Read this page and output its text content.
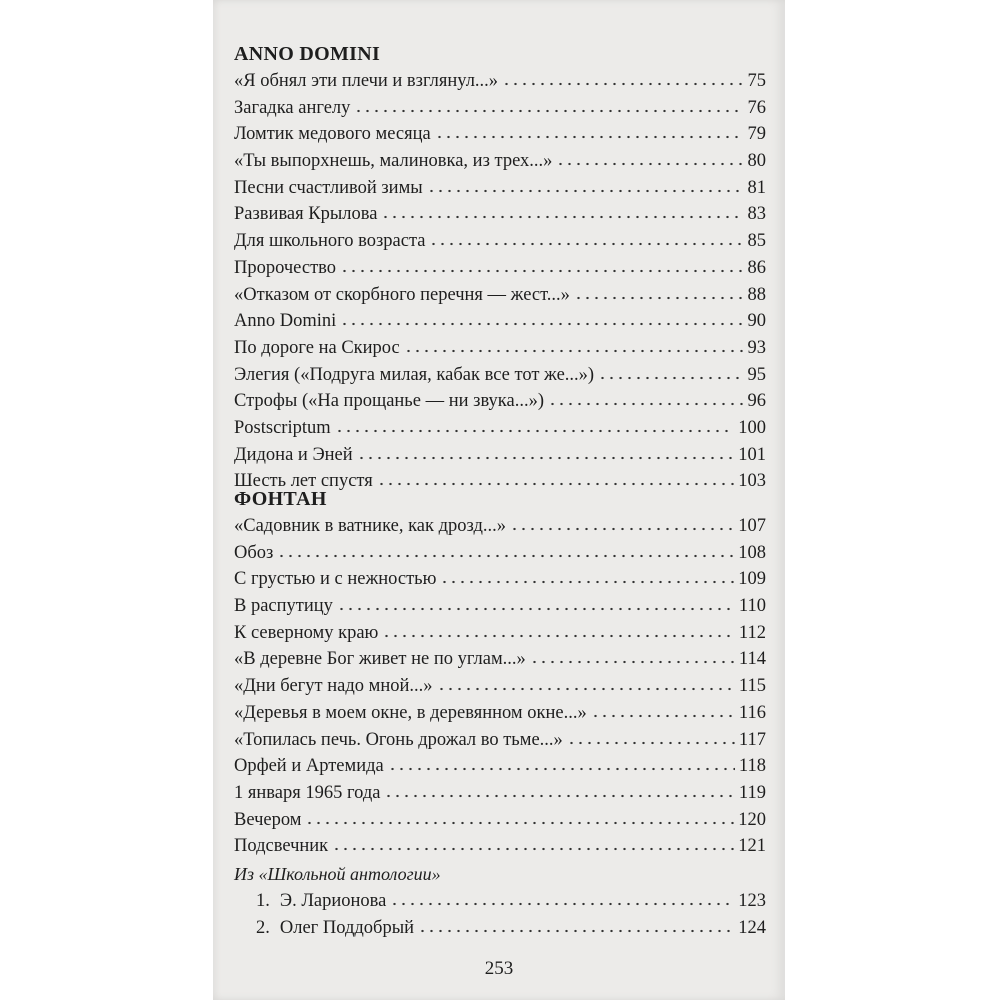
ANNO DOMINI
«Я обнял эти плечи и взглянул...»	75
Загадка ангелу	76
Ломтик медового месяца	79
«Ты выпорхнешь, малиновка, из трех...»	80
Песни счастливой зимы	81
Развивая Крылова	83
Для школьного возраста	85
Пророчество	86
«Отказом от скорбного перечня — жест...»	88
Anno Domini	90
По дороге на Скирос	93
Элегия («Подруга милая, кабак все тот же...»)	95
Строфы («На прощанье — ни звука...»)	96
Postscriptum	100
Дидона и Эней	101
Шесть лет спустя	103
ФОНТАН
«Садовник в ватнике, как дрозд...»	107
Обоз	108
С грустью и с нежностью	109
В распутицу	110
К северному краю	112
«В деревне Бог живет не по углам...»	114
«Дни бегут надо мной...»	115
«Деревья в моем окне, в деревянном окне...»	116
«Топилась печь. Огонь дрожал во тьме...»	117
Орфей и Артемида	118
1 января 1965 года	119
Вечером	120
Подсвечник	121
Из «Школьной антологии»
1. Э. Ларионова	123
2. Олег Поддобрый	124
253
